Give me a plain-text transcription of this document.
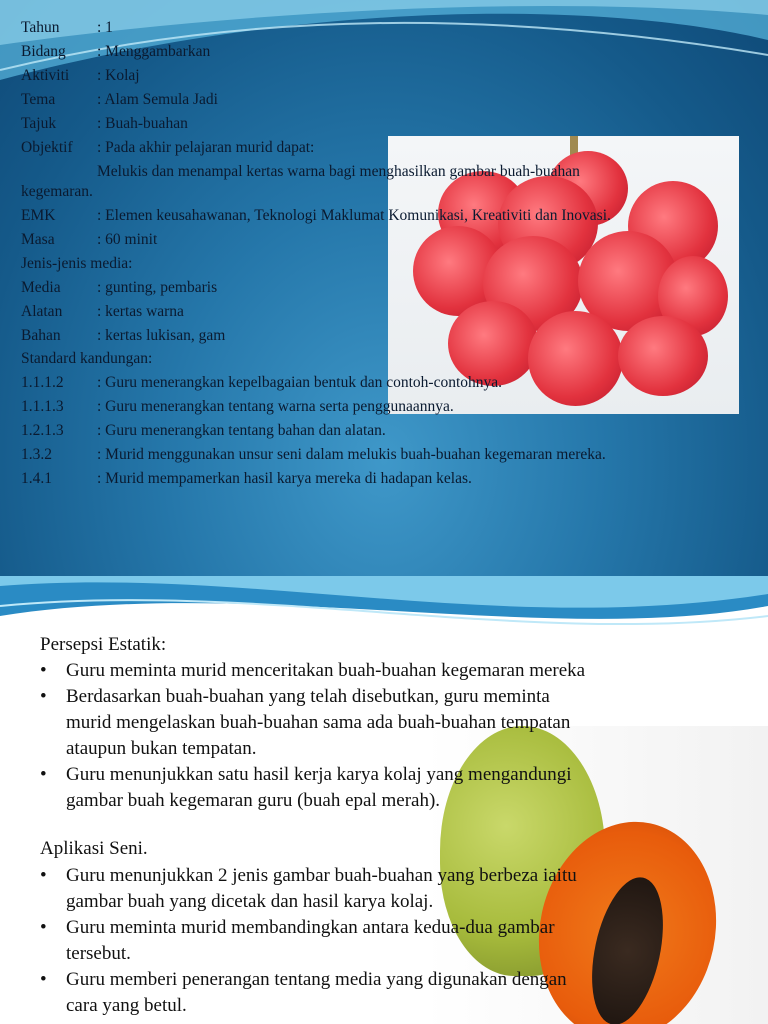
Tahun : 1
Bidang : Menggambarkan
Aktiviti : Kolaj
Tema	: Alam Semula Jadi
Tajuk	: Buah-buahan
Objektif : Pada akhir pelajaran murid dapat:
Melukis dan menampal kertas warna bagi menghasilkan gambar buah-buahan
kegemaran.
EMK	: Elemen keusahawanan, Teknologi Maklumat Komunikasi, Kreativiti dan Inovasi.
Masa	: 60 minit
Jenis-jenis media:
Media : gunting, pembaris
Alatan : kertas warna
Bahan : kertas lukisan, gam
Standard kandungan:
1.1.1.2 : Guru menerangkan kepelbagaian bentuk dan contoh-contohnya.
1.1.1.3 : Guru menerangkan tentang warna serta penggunaannya.
1.2.1.3 : Guru menerangkan tentang bahan dan alatan.
1.3.2	: Murid menggunakan unsur seni dalam melukis buah-buahan kegemaran mereka.
1.4.1	: Murid mempamerkan hasil karya mereka di hadapan kelas.
Persepsi Estatik:
Guru meminta murid menceritakan buah-buahan kegemaran mereka
Berdasarkan buah-buahan yang telah disebutkan, guru meminta
murid mengelaskan buah-buahan sama ada buah-buahan tempatan
ataupun bukan tempatan.
Guru menunjukkan satu hasil kerja karya kolaj yang mengandungi
gambar buah kegemaran guru (buah epal merah).
Aplikasi Seni.
Guru menunjukkan 2 jenis gambar buah-buahan yang berbeza iaitu
gambar buah yang dicetak dan hasil karya kolaj.
Guru meminta murid membandingkan antara kedua-dua gambar
tersebut.
Guru memberi penerangan tentang media yang digunakan dengan
cara yang betul.
•
•
•
•
•
•
